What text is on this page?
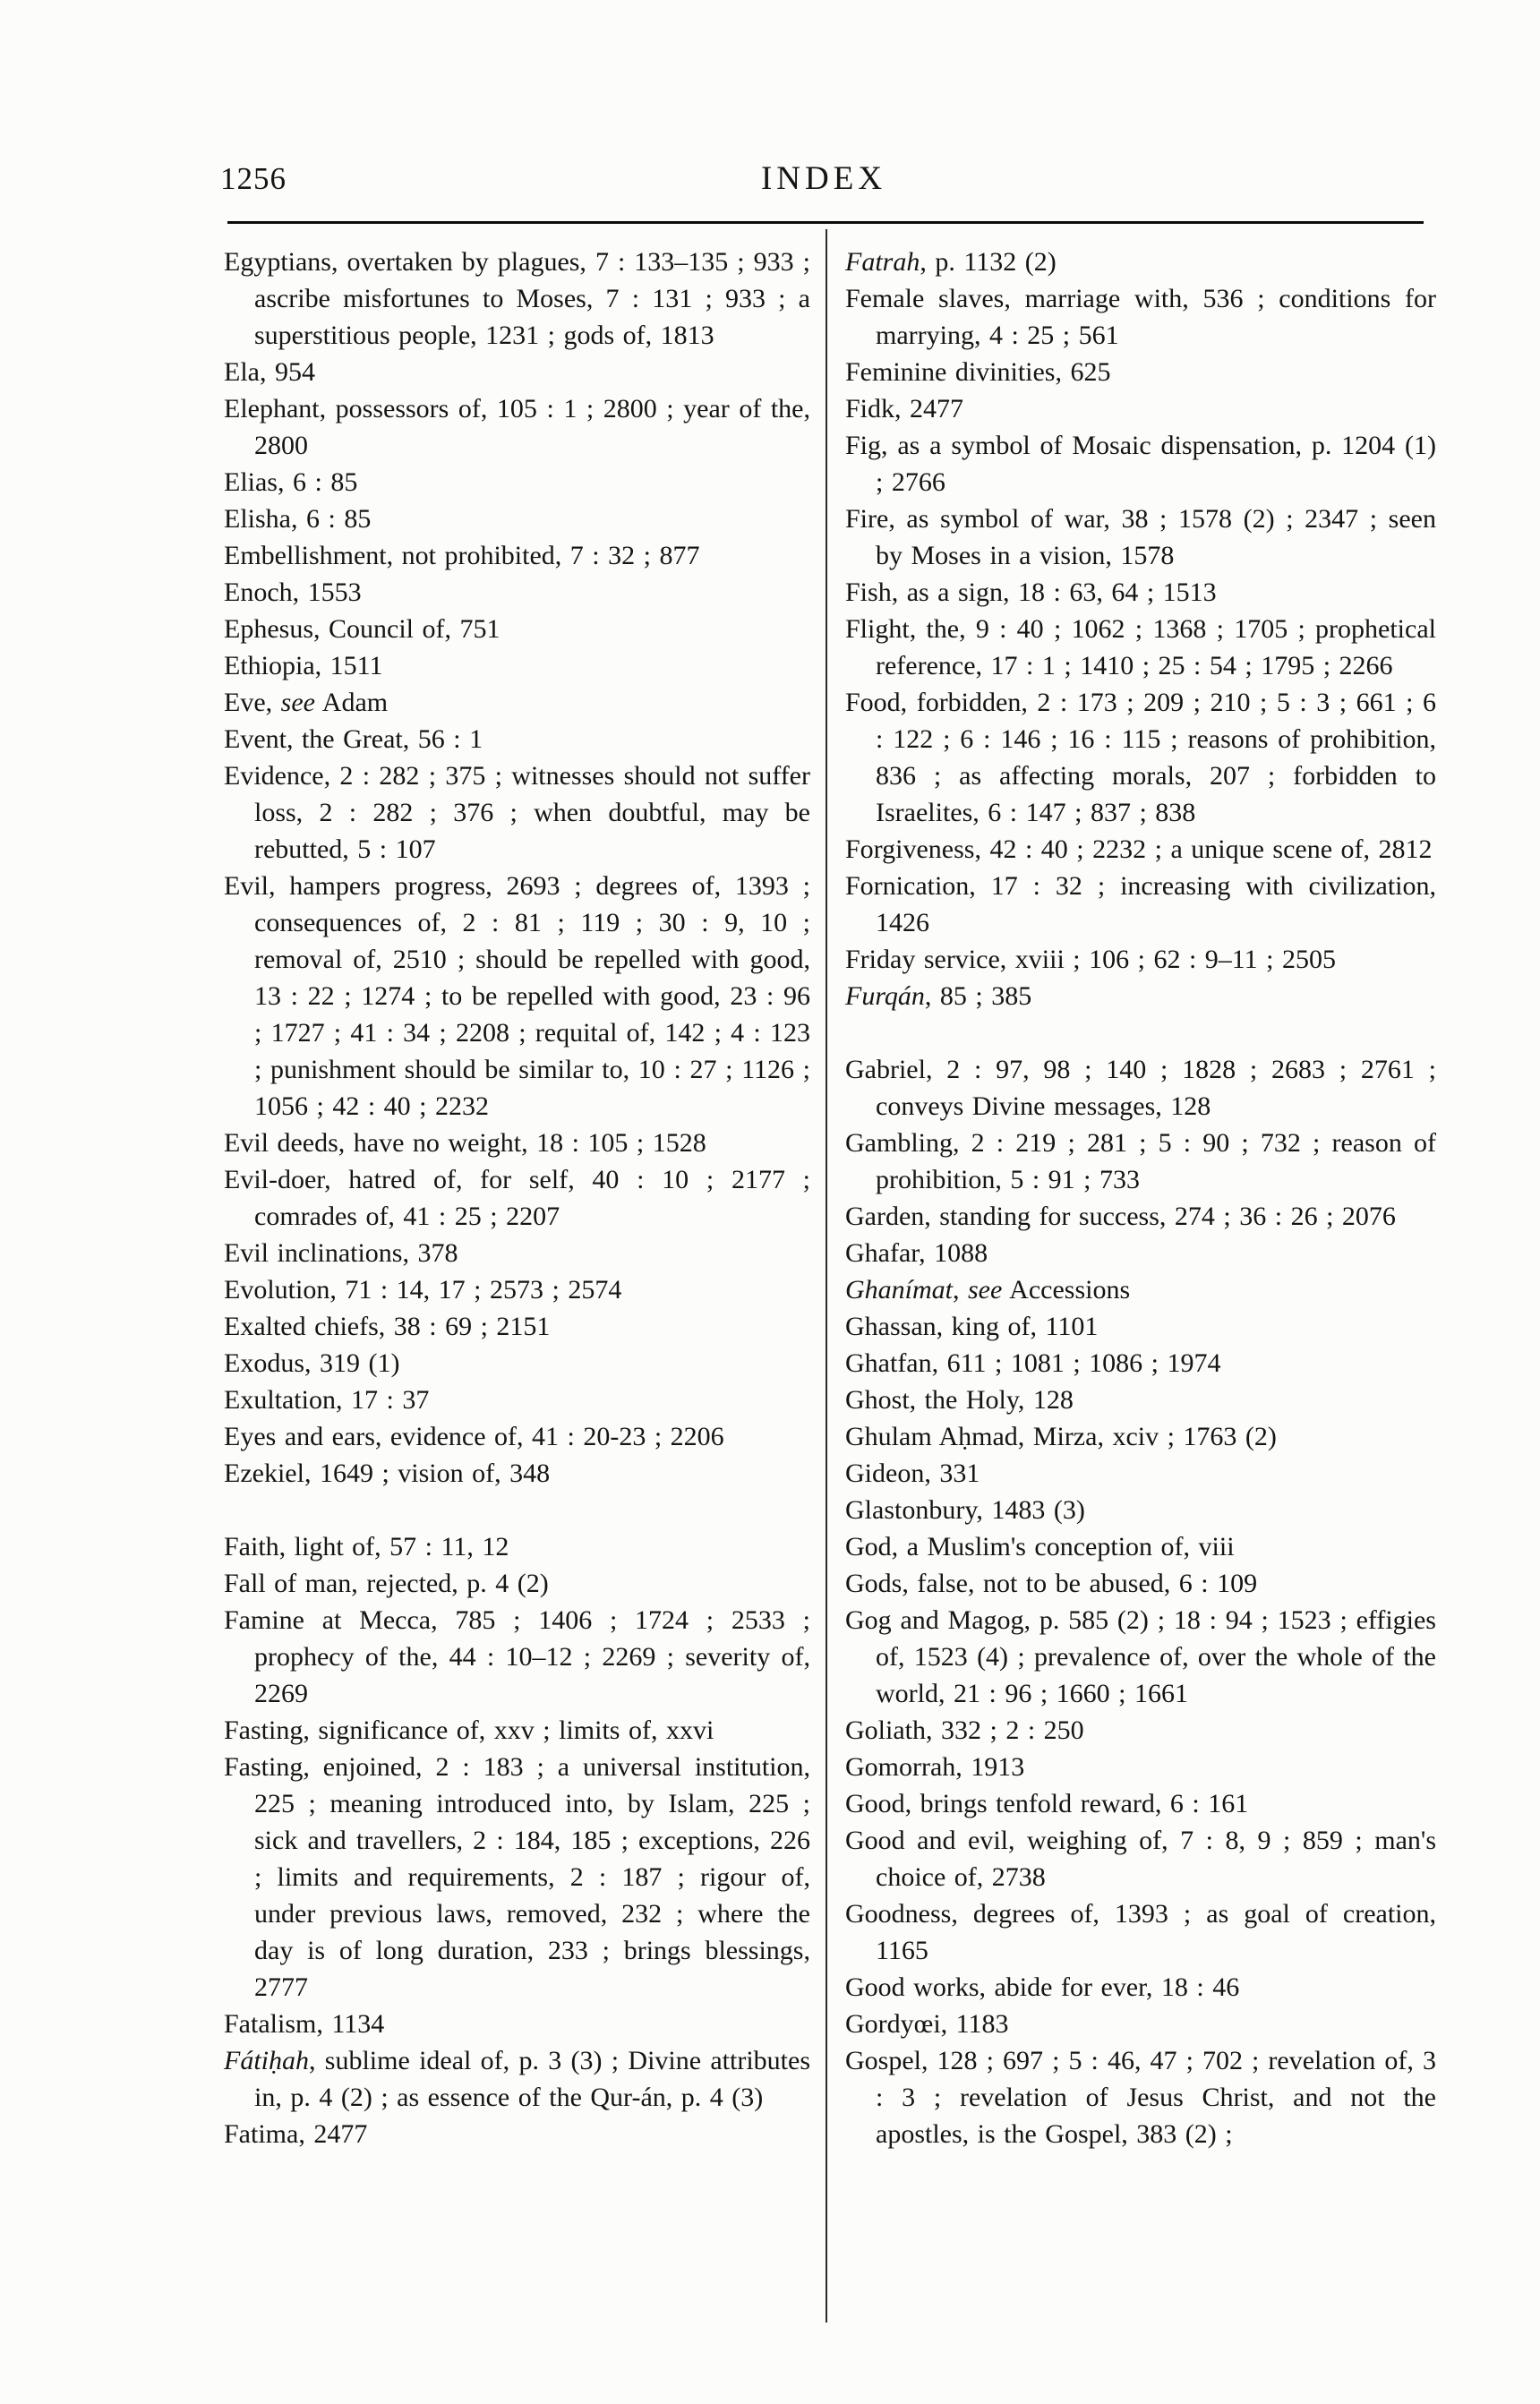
1256	INDEX

Egyptians, overtaken by plagues, 7 : 133–135 ; 933 ; ascribe misfortunes to Moses, 7 : 131 ; 933 ; a superstitious people, 1231 ; gods of, 1813

Ela, 954

Elephant, possessors of, 105 : 1 ; 2800 ; year of the, 2800

Elias, 6 : 85

Elisha, 6 : 85

Embellishment, not prohibited, 7 : 32 ; 877

Enoch, 1553

Ephesus, Council of, 751

Ethiopia, 1511

Eve, see Adam

Event, the Great, 56 : 1

Evidence, 2 : 282 ; 375 ; witnesses should not suffer loss, 2 : 282 ; 376 ; when doubtful, may be rebutted, 5 : 107

Evil, hampers progress, 2693 ; degrees of, 1393 ; consequences of, 2 : 81 ; 119 ; 30 : 9, 10 ; removal of, 2510 ; should be repelled with good, 13 : 22 ; 1274 ; to be repelled with good, 23 : 96 ; 1727 ; 41 : 34 ; 2208 ; requital of, 142 ; 4 : 123 ; punishment should be similar to, 10 : 27 ; 1126 ; 1056 ; 42 : 40 ; 2232

Evil deeds, have no weight, 18 : 105 ; 1528

Evil-doer, hatred of, for self, 40 : 10 ; 2177 ; comrades of, 41 : 25 ; 2207

Evil inclinations, 378

Evolution, 71 : 14, 17 ; 2573 ; 2574

Exalted chiefs, 38 : 69 ; 2151

Exodus, 319 (1)

Exultation, 17 : 37

Eyes and ears, evidence of, 41 : 20-23 ; 2206

Ezekiel, 1649 ; vision of, 348

Faith, light of, 57 : 11, 12

Fall of man, rejected, p. 4 (2)

Famine at Mecca, 785 ; 1406 ; 1724 ; 2533 ; prophecy of the, 44 : 10–12 ; 2269 ; severity of, 2269

Fasting, significance of, xxv ; limits of, xxvi

Fasting, enjoined, 2 : 183 ; a universal institution, 225 ; meaning introduced into, by Islam, 225 ; sick and travellers, 2 : 184, 185 ; exceptions, 226 ; limits and requirements, 2 : 187 ; rigour of, under previous laws, removed, 232 ; where the day is of long duration, 233 ; brings blessings, 2777

Fatalism, 1134

Fátiḥah, sublime ideal of, p. 3 (3) ; Divine attributes in, p. 4 (2) ; as essence of the Qur-án, p. 4 (3)

Fatima, 2477

Fatrah, p. 1132 (2)

Female slaves, marriage with, 536 ; conditions for marrying, 4 : 25 ; 561

Feminine divinities, 625

Fidk, 2477

Fig, as a symbol of Mosaic dispensation, p. 1204 (1) ; 2766

Fire, as symbol of war, 38 ; 1578 (2) ; 2347 ; seen by Moses in a vision, 1578

Fish, as a sign, 18 : 63, 64 ; 1513

Flight, the, 9 : 40 ; 1062 ; 1368 ; 1705 ; prophetical reference, 17 : 1 ; 1410 ; 25 : 54 ; 1795 ; 2266

Food, forbidden, 2 : 173 ; 209 ; 210 ; 5 : 3 ; 661 ; 6 : 122 ; 6 : 146 ; 16 : 115 ; reasons of prohibition, 836 ; as affecting morals, 207 ; forbidden to Israelites, 6 : 147 ; 837 ; 838

Forgiveness, 42 : 40 ; 2232 ; a unique scene of, 2812

Fornication, 17 : 32 ; increasing with civilization, 1426

Friday service, xviii ; 106 ; 62 : 9–11 ; 2505

Furqán, 85 ; 385

Gabriel, 2 : 97, 98 ; 140 ; 1828 ; 2683 ; 2761 ; conveys Divine messages, 128

Gambling, 2 : 219 ; 281 ; 5 : 90 ; 732 ; reason of prohibition, 5 : 91 ; 733

Garden, standing for success, 274 ; 36 : 26 ; 2076

Ghafar, 1088

Ghanímat, see Accessions

Ghassan, king of, 1101

Ghatfan, 611 ; 1081 ; 1086 ; 1974

Ghost, the Holy, 128

Ghulam Aḥmad, Mirza, xciv ; 1763 (2)

Gideon, 331

Glastonbury, 1483 (3)

God, a Muslim's conception of, viii

Gods, false, not to be abused, 6 : 109

Gog and Magog, p. 585 (2) ; 18 : 94 ; 1523 ; effigies of, 1523 (4) ; prevalence of, over the whole of the world, 21 : 96 ; 1660 ; 1661

Goliath, 332 ; 2 : 250

Gomorrah, 1913

Good, brings tenfold reward, 6 : 161

Good and evil, weighing of, 7 : 8, 9 ; 859 ; man's choice of, 2738

Goodness, degrees of, 1393 ; as goal of creation, 1165

Good works, abide for ever, 18 : 46

Gordyœi, 1183

Gospel, 128 ; 697 ; 5 : 46, 47 ; 702 ; revelation of, 3 : 3 ; revelation of Jesus Christ, and not the apostles, is the Gospel, 383 (2) ;
